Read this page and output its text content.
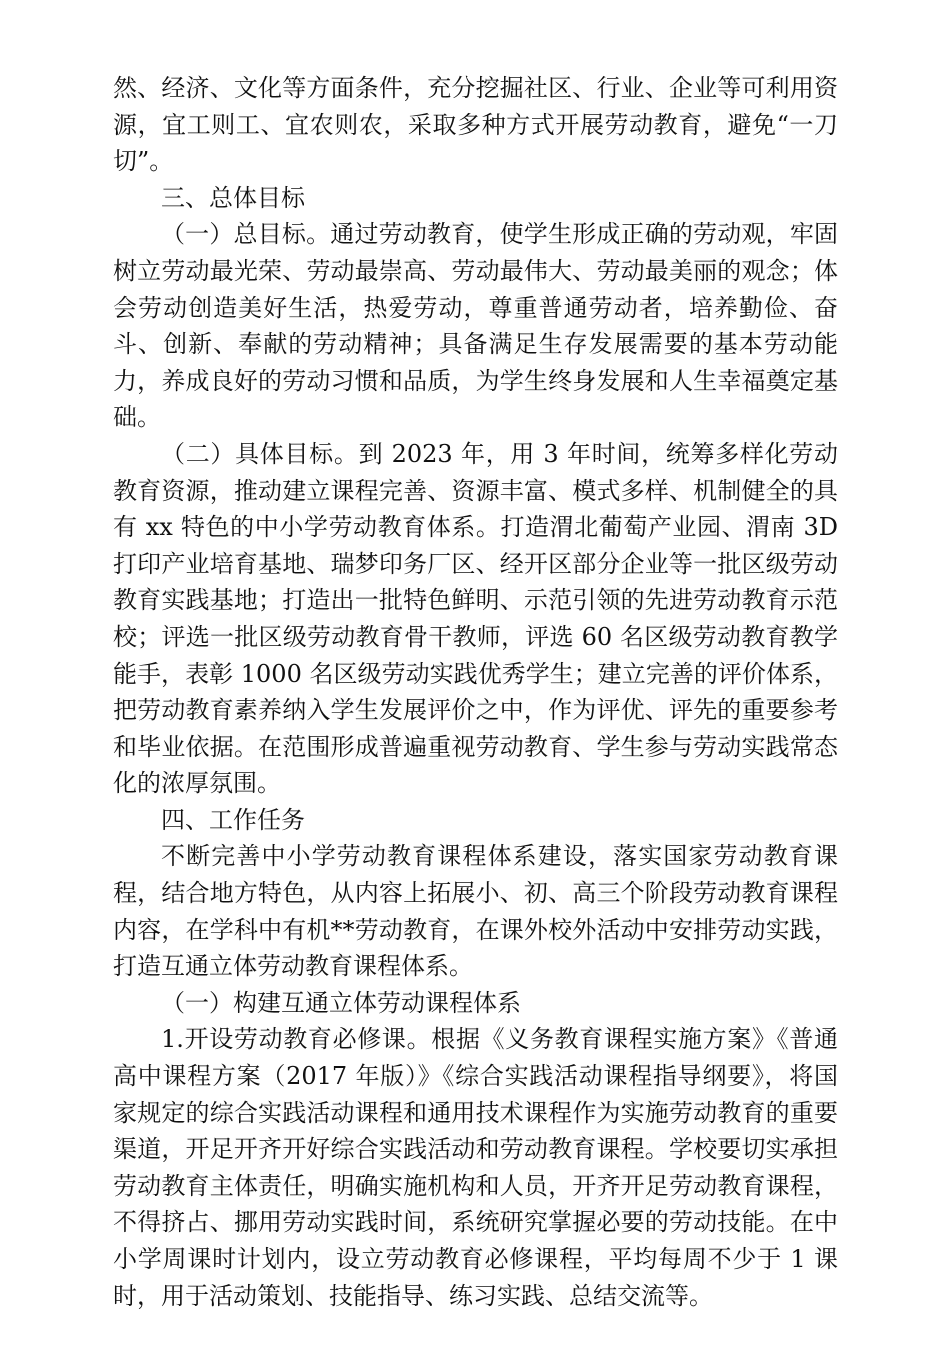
然、经济、文化等方面条件，充分挖掘社区、行业、企业等可利用资源，宜工则工、宜农则农，采取多种方式开展劳动教育，避免“一刀切”。

三、总体目标

（一）总目标。通过劳动教育，使学生形成正确的劳动观，牢固树立劳动最光荣、劳动最崇高、劳动最伟大、劳动最美丽的观念；体会劳动创造美好生活，热爱劳动，尊重普通劳动者，培养勤俭、奋斗、创新、奉献的劳动精神；具备满足生存发展需要的基本劳动能力，养成良好的劳动习惯和品质，为学生终身发展和人生幸福奠定基础。

（二）具体目标。到 2023 年，用 3 年时间，统筹多样化劳动教育资源，推动建立课程完善、资源丰富、模式多样、机制健全的具有 xx 特色的中小学劳动教育体系。打造渭北葡萄产业园、渭南 3D 打印产业培育基地、瑞梦印务厂区、经开区部分企业等一批区级劳动教育实践基地；打造出一批特色鲜明、示范引领的先进劳动教育示范校；评选一批区级劳动教育骨干教师，评选 60 名区级劳动教育教学能手，表彰 1000 名区级劳动实践优秀学生；建立完善的评价体系，把劳动教育素养纳入学生发展评价之中，作为评优、评先的重要参考和毕业依据。在范围形成普遍重视劳动教育、学生参与劳动实践常态化的浓厚氛围。

四、工作任务

不断完善中小学劳动教育课程体系建设，落实国家劳动教育课程，结合地方特色，从内容上拓展小、初、高三个阶段劳动教育课程内容，在学科中有机**劳动教育，在课外校外活动中安排劳动实践，打造互通立体劳动教育课程体系。

（一）构建互通立体劳动课程体系

1.开设劳动教育必修课。根据《义务教育课程实施方案》《普通高中课程方案（2017 年版）》《综合实践活动课程指导纲要》，将国家规定的综合实践活动课程和通用技术课程作为实施劳动教育的重要渠道，开足开齐开好综合实践活动和劳动教育课程。学校要切实承担劳动教育主体责任，明确实施机构和人员，开齐开足劳动教育课程，不得挤占、挪用劳动实践时间，系统研究掌握必要的劳动技能。在中小学周课时计划内，设立劳动教育必修课程，平均每周不少于 1 课时，用于活动策划、技能指导、练习实践、总结交流等。
